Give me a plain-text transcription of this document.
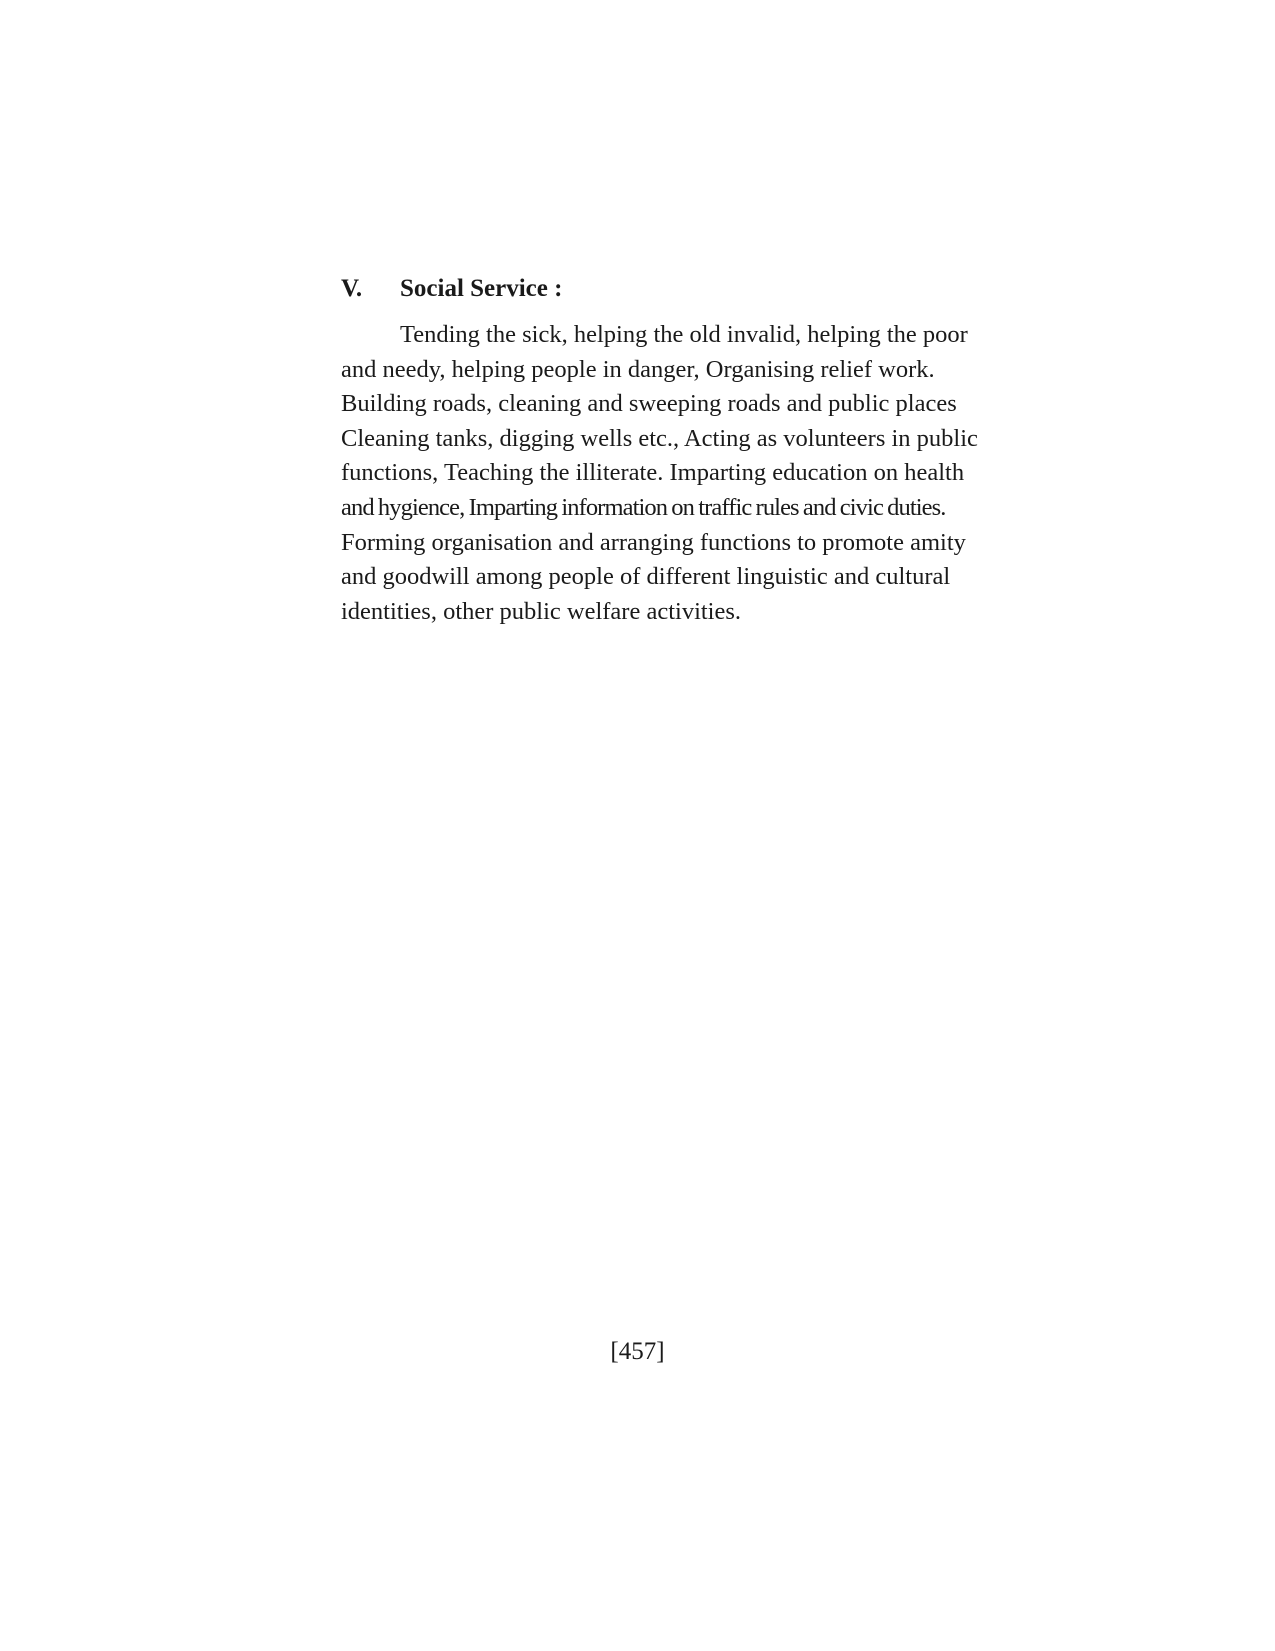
V.	Social Service :
Tending the sick, helping the old invalid, helping the poor
and needy, helping people in danger, Organising relief work.
Building roads, cleaning and sweeping roads and public places
Cleaning tanks, digging wells etc., Acting as volunteers in public
functions, Teaching the illiterate. Imparting education on health
and hygience, Imparting information on traffic rules and civic duties.
Forming organisation and arranging functions to promote amity
and goodwill among people of different linguistic and cultural
identities, other public welfare activities.
[457]
